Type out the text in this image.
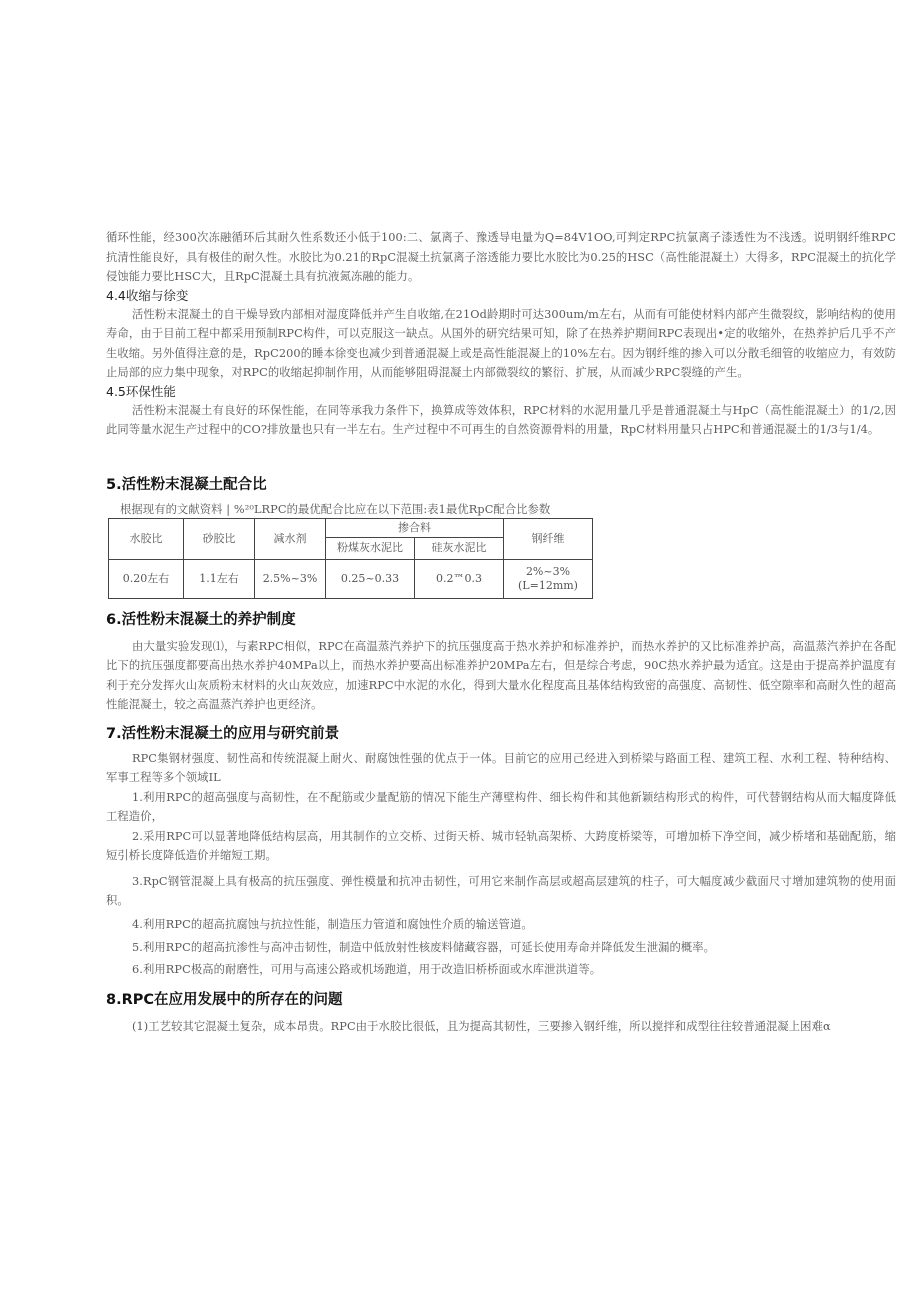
循环性能，经300次冻融循环后其耐久性系数还小低于100:二、氯离子、豫透导电量为Q=84V1OO,可判定RPC抗氯离子漆透性为不浅透。说明钢纤维RPC抗清性能良好，具有极佳的耐久性。水胶比为0.21的RpC混凝土抗氯离子溶透能力要比水胶比为0.25的HSC（高性能混凝土）大得多，RPC混凝土的抗化学侵蚀能力要比HSC大，且RpC混凝土具有抗液氮冻融的能力。

4.4收缩与徐变

活性粉末混凝土的自干燥导致内部相对湿度降低并产生自收缩,在21Od龄期时可达300um/m左右，从而有可能使材料内部产生微裂纹，影响结构的使用寿命，由于目前工程中都采用预制RPC构件，可以克服这一缺点。从国外的研究结果可知，除了在热养护期间RPC表现出•定的收缩外，在热养护后几乎不产生收缩。另外值得注意的是，RpC200的睡本徐变也减少到普通混凝上或是高性能混凝上的10%左右。因为钢纤维的掺入可以分散毛细管的收缩应力，有效防止局部的应力集中现象，对RPC的收缩起抑制作用，从而能够阻碍混凝土内部微裂纹的繁衍、扩展，从而减少RPC裂缝的产生。

4.5环保性能

活性粉末混凝土有良好的环保性能，在同等承我力条件下，换算成等效体积，RPC材料的水泥用量几乎是普通混凝土与HpC（高性能混凝土）的1/2,因此同等量水泥生产过程中的CO?排放量也只有一半左右。生产过程中不可再生的自然资源骨料的用量，RpC材料用量只占HPC和普通混凝土的1/3与1/4。

5.活性粉末混凝土配合比

根据现有的文献资料 | %²⁰LRPC的最优配合比应在以下范围:表1最优RpC配合比参数

水胶比	砂胶比	减水剂	掺合料		钢纤维
			粉煤灰水泥比	硅灰水泥比	
0.20左右	1.1左右	2.5%~3%	0.25~0.33	0.2™0.3	2%~3%
(L=12mm)
6.活性粉末混凝土的养护制度

由大量实验发现⑴，与素RPC相似，RPC在高温蒸汽养护下的抗压强度高于热水养护和标准养护，而热水养护的又比标准养护高，高温蒸汽养护在各配比下的抗压强度都要高出热水养护40MPa以上，而热水养护要高出标准养护20MPa左右，但是综合考虑，90C热水养护最为适宜。这是由于提高养护温度有利于充分发挥火山灰质粉末材料的火山灰效应，加速RPC中水泥的水化，得到大量水化程度高且基体结构致密的高强度、高韧性、低空隙率和高耐久性的超高性能混凝土，较之高温蒸汽养护也更经济。

7.活性粉末混凝土的应用与研究前景

RPC集钢材强度、韧性高和传统混凝上耐火、耐腐蚀性强的优点于一体。目前它的应用己经进入到桥梁与路面工程、建筑工程、水利工程、特种结构、军事工程等多个领域IL

1.利用RPC的超高强度与高韧性，在不配筋或少量配筋的情况下能生产薄壁构件、细长构件和其他新颖结构形式的构件，可代替钢结构从而大幅度降低工程造价，

2.采用RPC可以显著地降低结构层高，用其制作的立交桥、过街天桥、城市轻轨高架桥、大跨度桥梁等，可增加桥下净空间，减少桥堵和基础配筋，缩短引桥长度降低造价并缩短工期。

3.RpC钢管混凝上具有极高的抗压强度、弹性模量和抗冲击韧性，可用它来制作高层或超高层建筑的柱子，可大幅度减少截面尺寸增加建筑物的使用面积。

4.利用RPC的超高抗腐蚀与抗拉性能，制造压力管道和腐蚀性介质的输送管道。

5.利用RPC的超高抗渗性与高冲击韧性，制造中低放射性核废料储藏容器，可延长使用寿命并降低发生泄漏的概率。

6.利用RPC极高的耐磨性，可用与高速公路或机场跑道，用于改造旧桥桥面或水库泄洪道等。

8.RPC在应用发展中的所存在的问题

(1)工艺较其它混凝土复杂，成本昂贵。RPC由于水胶比很低，且为提高其韧性，三要掺入钢纤维，所以搅拌和成型往往较普通混凝上困难α
